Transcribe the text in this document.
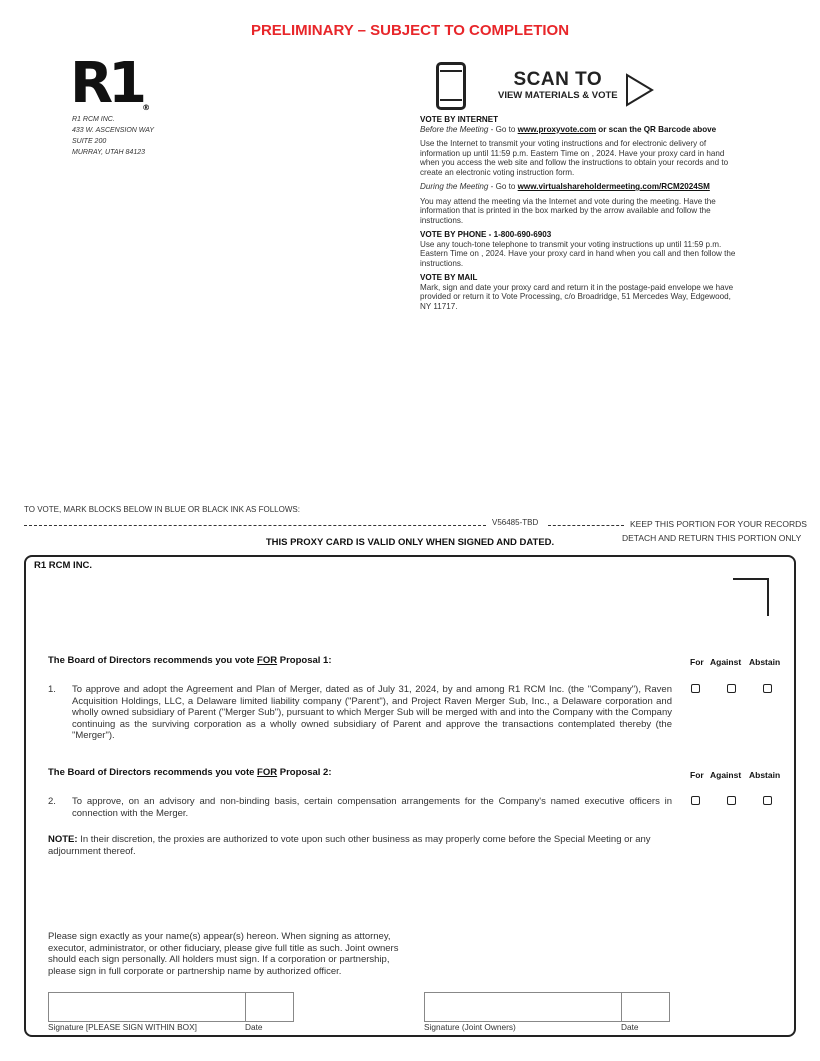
PRELIMINARY – SUBJECT TO COMPLETION
R1®
R1 RCM INC.
433 W. ASCENSION WAY
SUITE 200
MURRAY, UTAH 84123
SCAN TO
VIEW MATERIALS & VOTE

VOTE BY INTERNET

Before the Meeting - Go to www.proxyvote.com or scan the QR Barcode above

Use the Internet to transmit your voting instructions and for electronic delivery of information up until 11:59 p.m. Eastern Time on , 2024. Have your proxy card in hand when you access the web site and follow the instructions to obtain your records and to create an electronic voting instruction form.

During the Meeting - Go to www.virtualshareholdermeeting.com/RCM2024SM

You may attend the meeting via the Internet and vote during the meeting. Have the information that is printed in the box marked by the arrow available and follow the instructions.

VOTE BY PHONE - 1-800-690-6903

Use any touch-tone telephone to transmit your voting instructions up until 11:59 p.m. Eastern Time on , 2024. Have your proxy card in hand when you call and then follow the instructions.

VOTE BY MAIL

Mark, sign and date your proxy card and return it in the postage-paid envelope we have provided or return it to Vote Processing, c/o Broadridge, 51 Mercedes Way, Edgewood, NY 11717.

TO VOTE, MARK BLOCKS BELOW IN BLUE OR BLACK INK AS FOLLOWS:
V56485-TBD	KEEP THIS PORTION FOR YOUR RECORDS
THIS PROXY CARD IS VALID ONLY WHEN SIGNED AND DATED.	DETACH AND RETURN THIS PORTION ONLY
R1 RCM INC.
The Board of Directors recommends you vote FOR Proposal 1:	For Against Abstain
1. To approve and adopt the Agreement and Plan of Merger, dated as of July 31, 2024, by and among R1 RCM Inc. (the "Company"), Raven Acquisition Holdings, LLC, a Delaware limited liability company ("Parent"), and Project Raven Merger Sub, Inc., a Delaware corporation and wholly owned subsidiary of Parent ("Merger Sub"), pursuant to which Merger Sub will be merged with and into the Company with the Company continuing as the surviving corporation as a wholly owned subsidiary of Parent and approve the transactions contemplated thereby (the "Merger").
The Board of Directors recommends you vote FOR Proposal 2:	For Against Abstain
2. To approve, on an advisory and non-binding basis, certain compensation arrangements for the Company's named executive officers in connection with the Merger.
NOTE: In their discretion, the proxies are authorized to vote upon such other business as may properly come before the Special Meeting or any adjournment thereof.
Please sign exactly as your name(s) appear(s) hereon. When signing as attorney, executor, administrator, or other fiduciary, please give full title as such. Joint owners should each sign personally. All holders must sign. If a corporation or partnership, please sign in full corporate or partnership name by authorized officer.
Signature [PLEASE SIGN WITHIN BOX]	Date	Signature (Joint Owners)	Date
